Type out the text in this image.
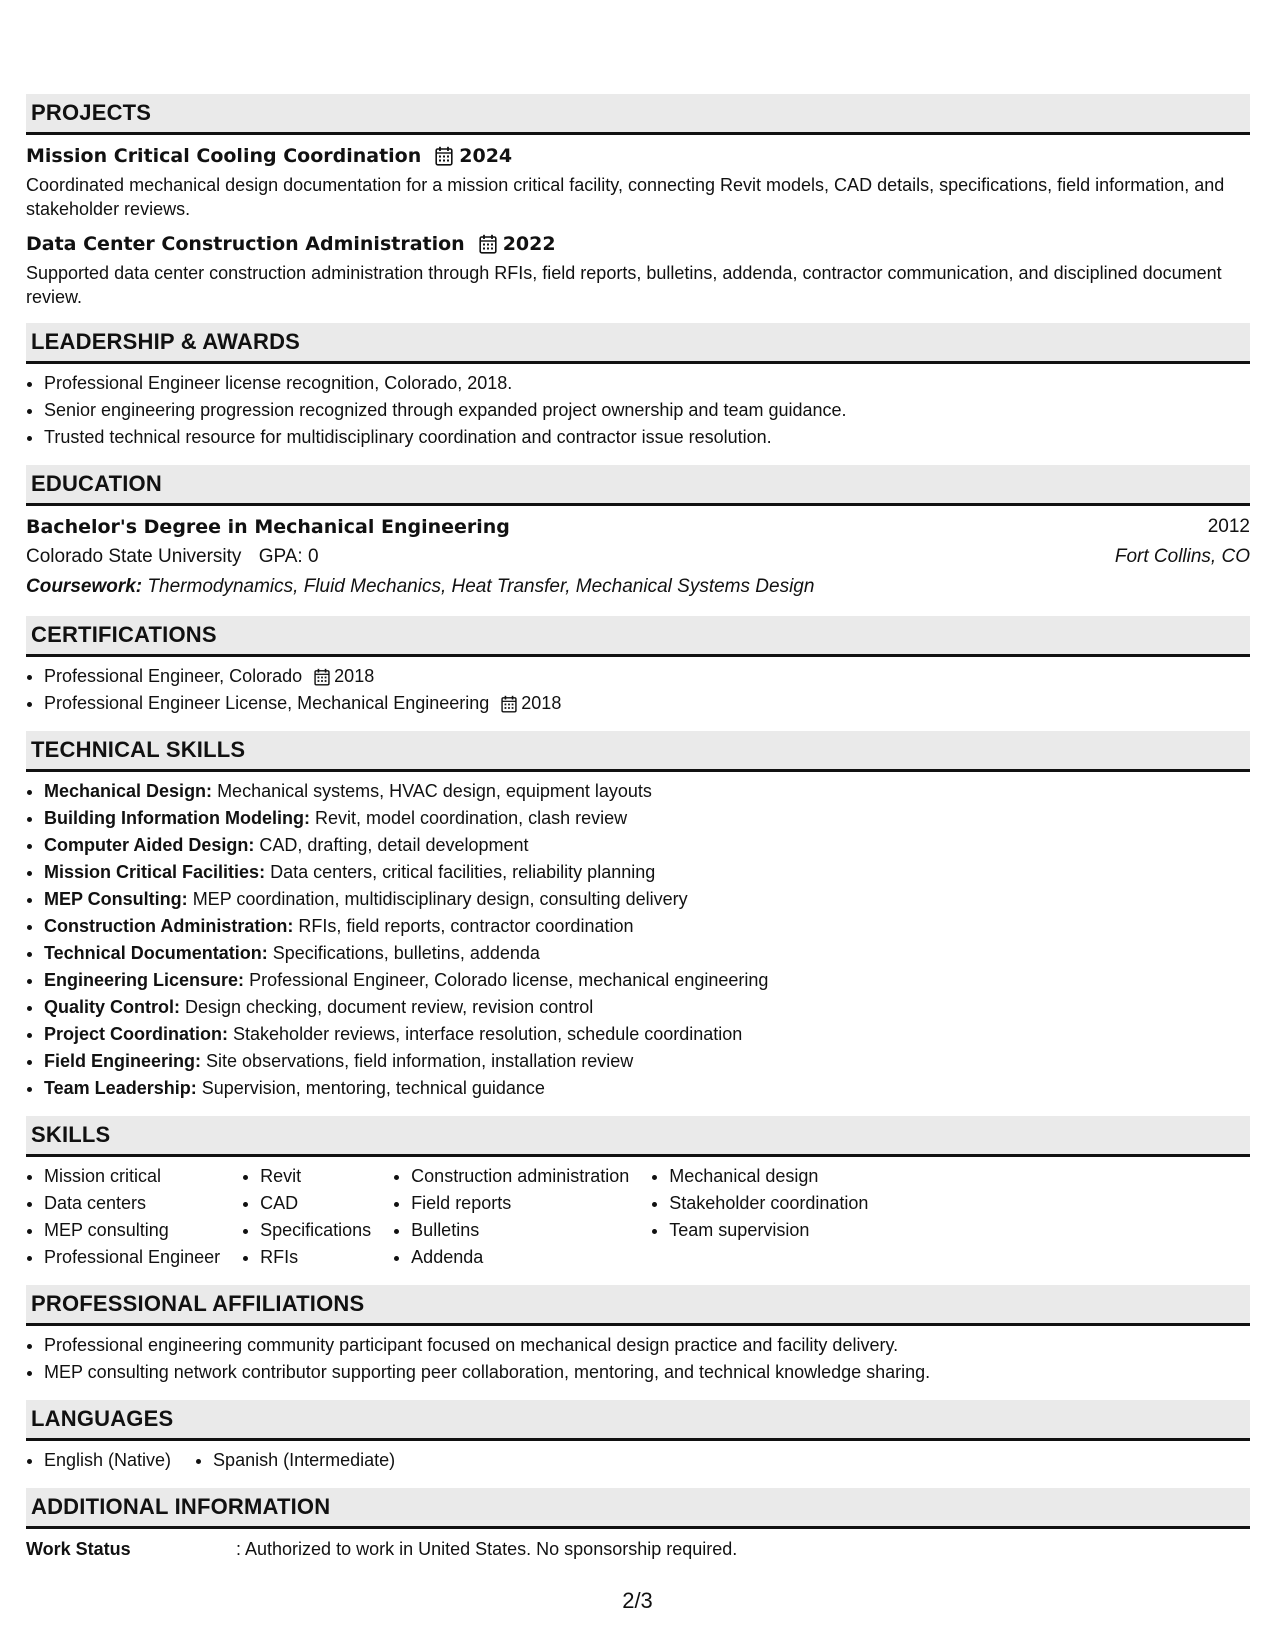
PROJECTS
Mission Critical Cooling Coordination 2024
Coordinated mechanical design documentation for a mission critical facility, connecting Revit models, CAD details, specifications, field information, and stakeholder reviews.
Data Center Construction Administration 2022
Supported data center construction administration through RFIs, field reports, bulletins, addenda, contractor communication, and disciplined document review.
LEADERSHIP & AWARDS
• Professional Engineer license recognition, Colorado, 2018.
• Senior engineering progression recognized through expanded project ownership and team guidance.
• Trusted technical resource for multidisciplinary coordination and contractor issue resolution.
EDUCATION
Bachelor's Degree in Mechanical Engineering	2012
Colorado State University GPA: 0	Fort Collins, CO
Coursework: Thermodynamics, Fluid Mechanics, Heat Transfer, Mechanical Systems Design
CERTIFICATIONS
• Professional Engineer, Colorado 2018
• Professional Engineer License, Mechanical Engineering 2018
TECHNICAL SKILLS
• Mechanical Design: Mechanical systems, HVAC design, equipment layouts
• Building Information Modeling: Revit, model coordination, clash review
• Computer Aided Design: CAD, drafting, detail development
• Mission Critical Facilities: Data centers, critical facilities, reliability planning
• MEP Consulting: MEP coordination, multidisciplinary design, consulting delivery
• Construction Administration: RFIs, field reports, contractor coordination
• Technical Documentation: Specifications, bulletins, addenda
• Engineering Licensure: Professional Engineer, Colorado license, mechanical engineering
• Quality Control: Design checking, document review, revision control
• Project Coordination: Stakeholder reviews, interface resolution, schedule coordination
• Field Engineering: Site observations, field information, installation review
• Team Leadership: Supervision, mentoring, technical guidance
SKILLS
• Mission critical
• Data centers
• MEP consulting
• Professional Engineer
• Revit
• CAD
• Specifications
• RFIs
• Construction administration
• Field reports
• Bulletins
• Addenda
• Mechanical design
• Stakeholder coordination
• Team supervision
PROFESSIONAL AFFILIATIONS
• Professional engineering community participant focused on mechanical design practice and facility delivery.
• MEP consulting network contributor supporting peer collaboration, mentoring, and technical knowledge sharing.
LANGUAGES
• English (Native)
• Spanish (Intermediate)
ADDITIONAL INFORMATION
Work Status	: Authorized to work in United States. No sponsorship required.
2/3
